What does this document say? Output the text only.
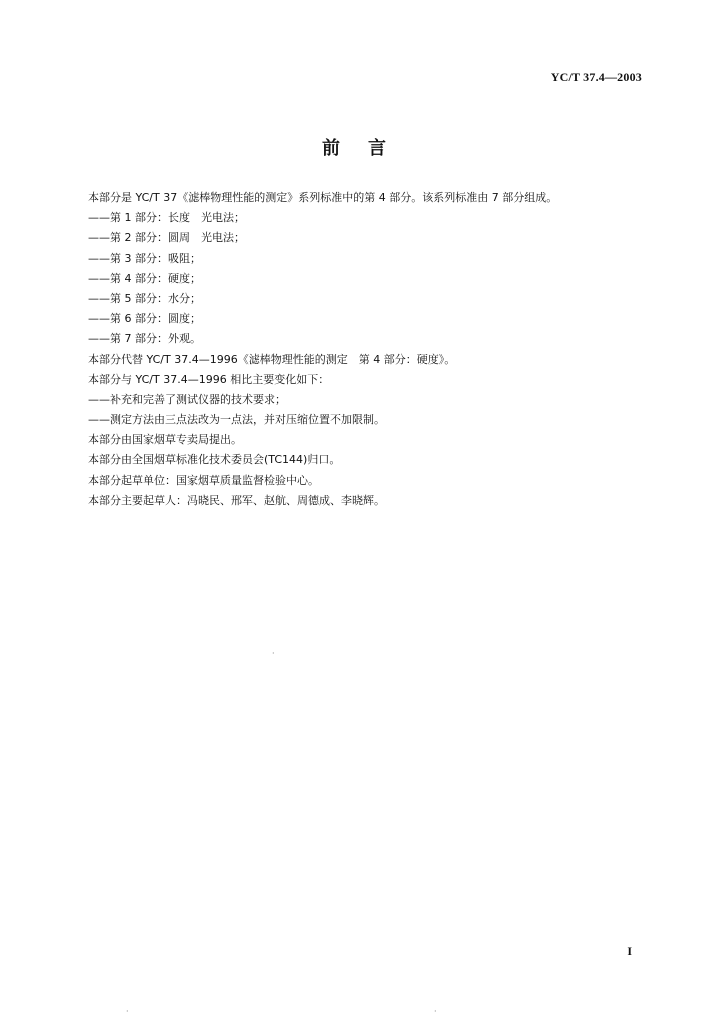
YC/T 37.4—2003
前言
本部分是 YC/T 37《滤棒物理性能的测定》系列标准中的第 4 部分。该系列标准由 7 部分组成。
——第 1 部分：长度　光电法；
——第 2 部分：圆周　光电法；
——第 3 部分：吸阻；
——第 4 部分：硬度；
——第 5 部分：水分；
——第 6 部分：圆度；
——第 7 部分：外观。
本部分代替 YC/T 37.4—1996《滤棒物理性能的测定　第 4 部分：硬度》。
本部分与 YC/T 37.4—1996 相比主要变化如下：
——补充和完善了测试仪器的技术要求；
——测定方法由三点法改为一点法，并对压缩位置不加限制。
本部分由国家烟草专卖局提出。
本部分由全国烟草标准化技术委员会(TC144)归口。
本部分起草单位：国家烟草质量监督检验中心。
本部分主要起草人：冯晓民、邢军、赵航、周德成、李晓辉。
·
·	·
I
